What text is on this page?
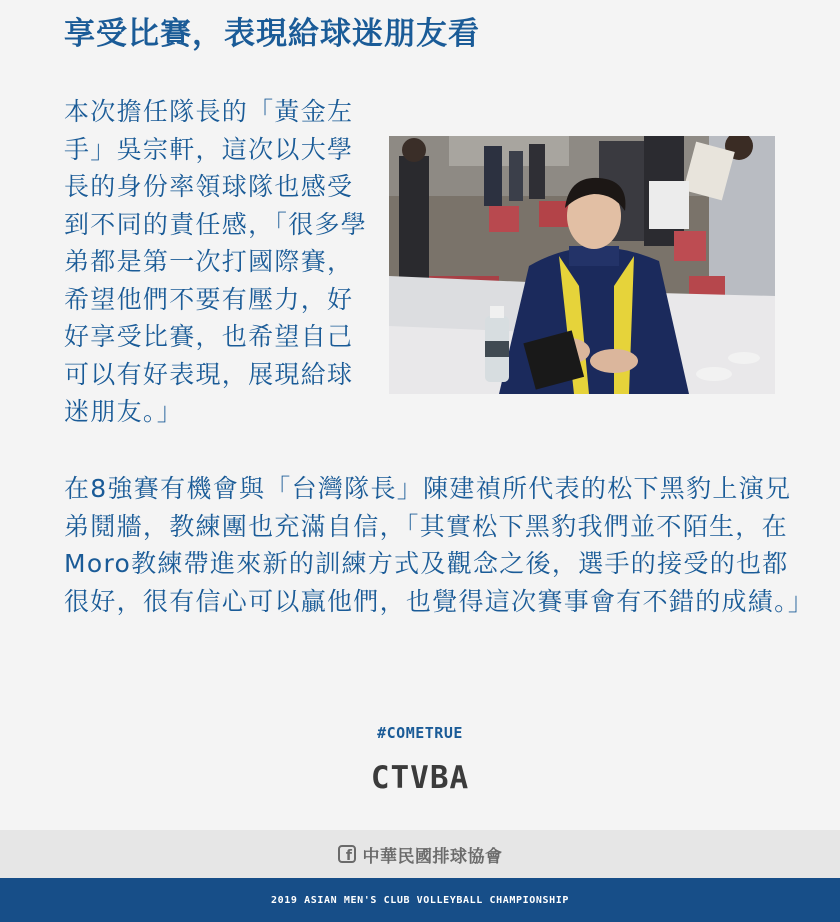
享受比賽，表現給球迷朋友看

本次擔任隊長的「黃金左手」吳宗軒，這次以大學長的身份率領球隊也感受到不同的責任感，「很多學弟都是第一次打國際賽，希望他們不要有壓力，好好享受比賽，也希望自己可以有好表現，展現給球迷朋友。」

在8強賽有機會與「台灣隊長」陳建禎所代表的松下黑豹上演兄弟鬩牆，教練團也充滿自信，「其實松下黑豹我們並不陌生，在Moro教練帶進來新的訓練方式及觀念之後，選手的接受的也都很好，很有信心可以贏他們，也覺得這次賽事會有不錯的成績。」

#COMETRUE
CTVBA
f
中華民國排球協會
2019 ASIAN MEN'S CLUB VOLLEYBALL CHAMPIONSHIP
